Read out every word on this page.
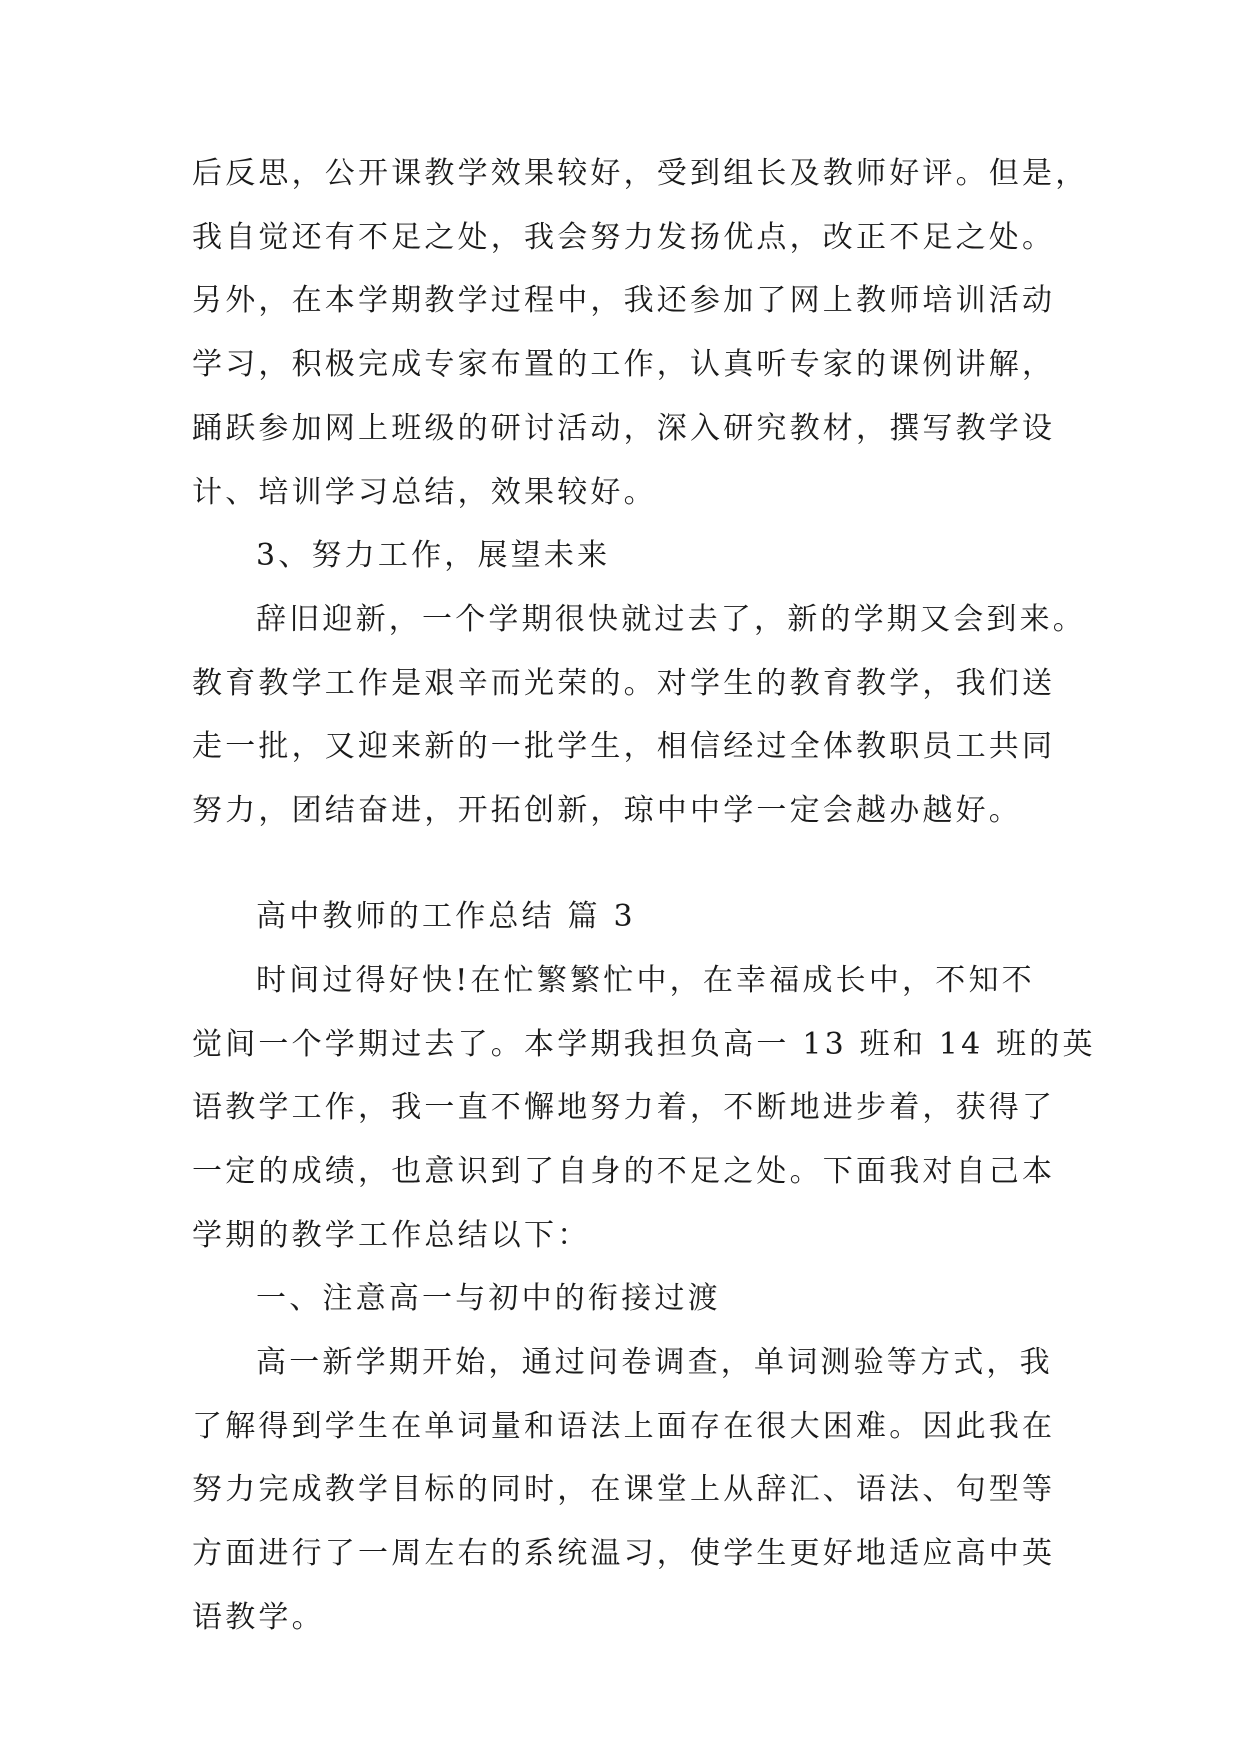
后反思，公开课教学效果较好，受到组长及教师好评。但是，
我自觉还有不足之处，我会努力发扬优点，改正不足之处。
另外，在本学期教学过程中，我还参加了网上教师培训活动
学习，积极完成专家布置的工作，认真听专家的课例讲解，
踊跃参加网上班级的研讨活动，深入研究教材，撰写教学设
计、培训学习总结，效果较好。
3、努力工作，展望未来
辞旧迎新，一个学期很快就过去了，新的学期又会到来。
教育教学工作是艰辛而光荣的。对学生的教育教学，我们送
走一批，又迎来新的一批学生，相信经过全体教职员工共同
努力，团结奋进，开拓创新，琼中中学一定会越办越好。
高中教师的工作总结 篇 3
时间过得好快!在忙繁繁忙中，在幸福成长中，不知不
觉间一个学期过去了。本学期我担负高一 13 班和 14 班的英
语教学工作，我一直不懈地努力着，不断地进步着，获得了
一定的成绩，也意识到了自身的不足之处。下面我对自己本
学期的教学工作总结以下：
一、注意高一与初中的衔接过渡
高一新学期开始，通过问卷调查，单词测验等方式，我
了解得到学生在单词量和语法上面存在很大困难。因此我在
努力完成教学目标的同时，在课堂上从辞汇、语法、句型等
方面进行了一周左右的系统温习，使学生更好地适应高中英
语教学。
